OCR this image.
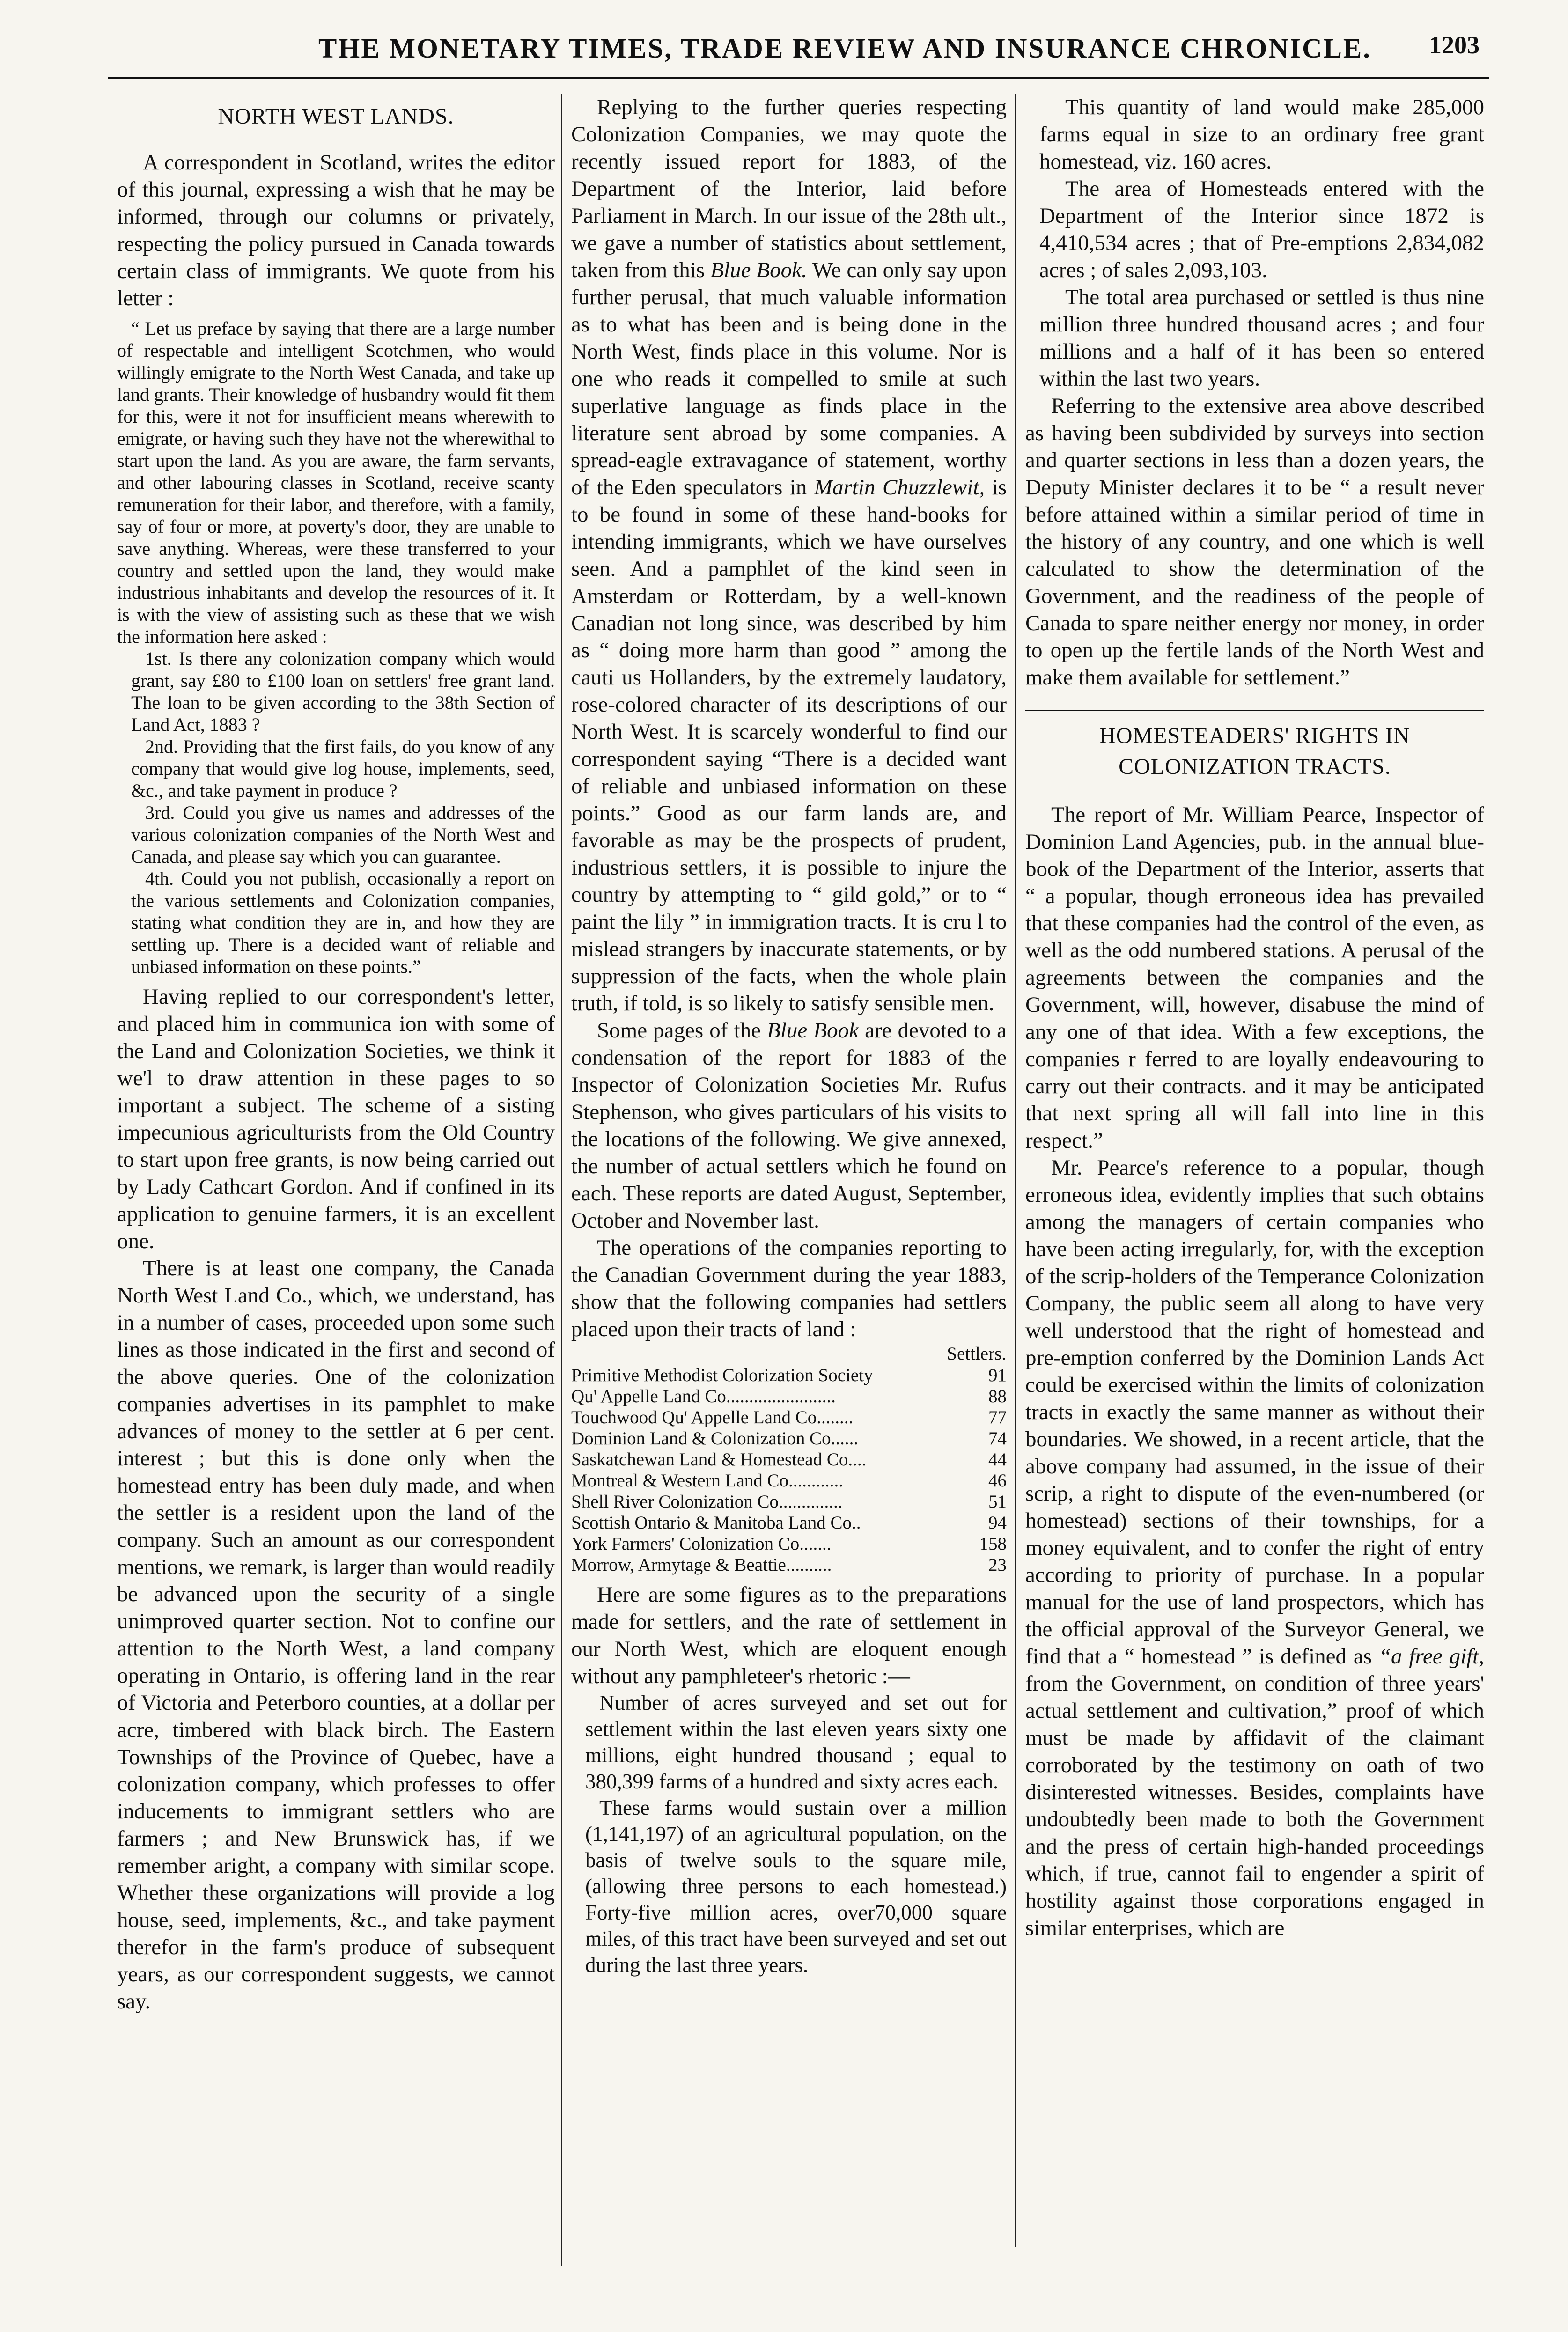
THE MONETARY TIMES, TRADE REVIEW AND INSURANCE CHRONICLE. 1203
NORTH WEST LANDS.

A correspondent in Scotland, writes the editor of this journal, expressing a wish that he may be informed, through our columns or privately, respecting the policy pursued in Canada towards certain class of immigrants. We quote from his letter :

“ Let us preface by saying that there are a large number of respectable and intelligent Scotchmen, who would willingly emigrate to the North West Canada, and take up land grants. Their knowledge of husbandry would fit them for this, were it not for insufficient means wherewith to emigrate, or having such they have not the wherewithal to start upon the land. As you are aware, the farm servants, and other labouring classes in Scotland, receive scanty remuneration for their labor, and therefore, with a family, say of four or more, at poverty's door, they are unable to save anything. Whereas, were these transferred to your country and settled upon the land, they would make industrious inhabitants and develop the resources of it. It is with the view of assisting such as these that we wish the information here asked :

1st. Is there any colonization company which would grant, say £80 to £100 loan on settlers' free grant land. The loan to be given according to the 38th Section of Land Act, 1883 ?

2nd. Providing that the first fails, do you know of any company that would give log house, implements, seed, &c., and take payment in produce ?

3rd. Could you give us names and addresses of the various colonization companies of the North West and Canada, and please say which you can guarantee.

4th. Could you not publish, occasionally a report on the various settlements and Colonization companies, stating what condition they are in, and how they are settling up. There is a decided want of reliable and unbiased information on these points.”

Having replied to our correspondent's letter, and placed him in communica ion with some of the Land and Colonization Societies, we think it we'l to draw attention in these pages to so important a subject. The scheme of a sisting impecunious agriculturists from the Old Country to start upon free grants, is now being carried out by Lady Cathcart Gordon. And if confined in its application to genuine farmers, it is an excellent one.

There is at least one company, the Canada North West Land Co., which, we understand, has in a number of cases, proceeded upon some such lines as those indicated in the first and second of the above queries. One of the colonization companies advertises in its pamphlet to make advances of money to the settler at 6 per cent. interest ; but this is done only when the homestead entry has been duly made, and when the settler is a resident upon the land of the company. Such an amount as our correspondent mentions, we remark, is larger than would readily be advanced upon the security of a single unimproved quarter section. Not to confine our attention to the North West, a land company operating in Ontario, is offering land in the rear of Victoria and Peterboro counties, at a dollar per acre, timbered with black birch. The Eastern Townships of the Province of Quebec, have a colonization company, which professes to offer inducements to immigrant settlers who are farmers ; and New Brunswick has, if we remember aright, a company with similar scope. Whether these organizations will provide a log house, seed, implements, &c., and take payment therefor in the farm's produce of subsequent years, as our correspondent suggests, we cannot say.

Replying to the further queries respecting Colonization Companies, we may quote the recently issued report for 1883, of the Department of the Interior, laid before Parliament in March. In our issue of the 28th ult., we gave a number of statistics about settlement, taken from this Blue Book. We can only say upon further perusal, that much valuable information as to what has been and is being done in the North West, finds place in this volume. Nor is one who reads it compelled to smile at such superlative language as finds place in the literature sent abroad by some companies. A spread-eagle extravagance of statement, worthy of the Eden speculators in Martin Chuzzlewit, is to be found in some of these hand-books for intending immigrants, which we have ourselves seen. And a pamphlet of the kind seen in Amsterdam or Rotterdam, by a well-known Canadian not long since, was described by him as “ doing more harm than good ” among the cauti us Hollanders, by the extremely laudatory, rose-colored character of its descriptions of our North West. It is scarcely wonderful to find our correspondent saying “There is a decided want of reliable and unbiased information on these points.” Good as our farm lands are, and favorable as may be the prospects of prudent, industrious settlers, it is possible to injure the country by attempting to “ gild gold,” or to “ paint the lily ” in immigration tracts. It is cru l to mislead strangers by inaccurate statements, or by suppression of the facts, when the whole plain truth, if told, is so likely to satisfy sensible men.

Some pages of the Blue Book are devoted to a condensation of the report for 1883 of the Inspector of Colonization Societies Mr. Rufus Stephenson, who gives particulars of his visits to the locations of the following. We give annexed, the number of actual settlers which he found on each. These reports are dated August, September, October and November last.

The operations of the companies reporting to the Canadian Government during the year 1883, show that the following companies had settlers placed upon their tracts of land :

	Settlers.
Primitive Methodist Colorization Society	91
Qu' Appelle Land Co........................	88
Touchwood Qu' Appelle Land Co........	77
Dominion Land & Colonization Co......	74
Saskatchewan Land & Homestead Co....	44
Montreal & Western Land Co............	46
Shell River Colonization Co..............	51
Scottish Ontario & Manitoba Land Co..	94
York Farmers' Colonization Co.......	158
Morrow, Armytage & Beattie..........	23

Here are some figures as to the preparations made for settlers, and the rate of settlement in our North West, which are eloquent enough without any pamphleteer's rhetoric :—

Number of acres surveyed and set out for settlement within the last eleven years sixty one millions, eight hundred thousand ; equal to 380,399 farms of a hundred and sixty acres each.

These farms would sustain over a million (1,141,197) of an agricultural population, on the basis of twelve souls to the square mile, (allowing three persons to each homestead.) Forty-five million acres, over70,000 square miles, of this tract have been surveyed and set out during the last three years.

This quantity of land would make 285,000 farms equal in size to an ordinary free grant homestead, viz. 160 acres.

The area of Homesteads entered with the Department of the Interior since 1872 is 4,410,534 acres ; that of Pre-emptions 2,834,082 acres ; of sales 2,093,103.

The total area purchased or settled is thus nine million three hundred thousand acres ; and four millions and a half of it has been so entered within the last two years.

Referring to the extensive area above described as having been subdivided by surveys into section and quarter sections in less than a dozen years, the Deputy Minister declares it to be “ a result never before attained within a similar period of time in the history of any country, and one which is well calculated to show the determination of the Government, and the readiness of the people of Canada to spare neither energy nor money, in order to open up the fertile lands of the North West and make them available for settlement.”

HOMESTEADERS' RIGHTS IN COLONIZATION TRACTS.

The report of Mr. William Pearce, Inspector of Dominion Land Agencies, pub. in the annual blue-book of the Department of the Interior, asserts that “ a popular, though erroneous idea has prevailed that these companies had the control of the even, as well as the odd numbered stations. A perusal of the agreements between the companies and the Government, will, however, disabuse the mind of any one of that idea. With a few exceptions, the companies r ferred to are loyally endeavouring to carry out their contracts. and it may be anticipated that next spring all will fall into line in this respect.”

Mr. Pearce's reference to a popular, though erroneous idea, evidently implies that such obtains among the managers of certain companies who have been acting irregularly, for, with the exception of the scrip-holders of the Temperance Colonization Company, the public seem all along to have very well understood that the right of homestead and pre-emption conferred by the Dominion Lands Act could be exercised within the limits of colonization tracts in exactly the same manner as without their boundaries. We showed, in a recent article, that the above company had assumed, in the issue of their scrip, a right to dispute of the even-numbered (or homestead) sections of their townships, for a money equivalent, and to confer the right of entry according to priority of purchase. In a popular manual for the use of land prospectors, which has the official approval of the Surveyor General, we find that a “ homestead ” is defined as “a free gift, from the Government, on condition of three years' actual settlement and cultivation,” proof of which must be made by affidavit of the claimant corroborated by the testimony on oath of two disinterested witnesses. Besides, complaints have undoubtedly been made to both the Government and the press of certain high-handed proceedings which, if true, cannot fail to engender a spirit of hostility against those corporations engaged in similar enterprises, which are
